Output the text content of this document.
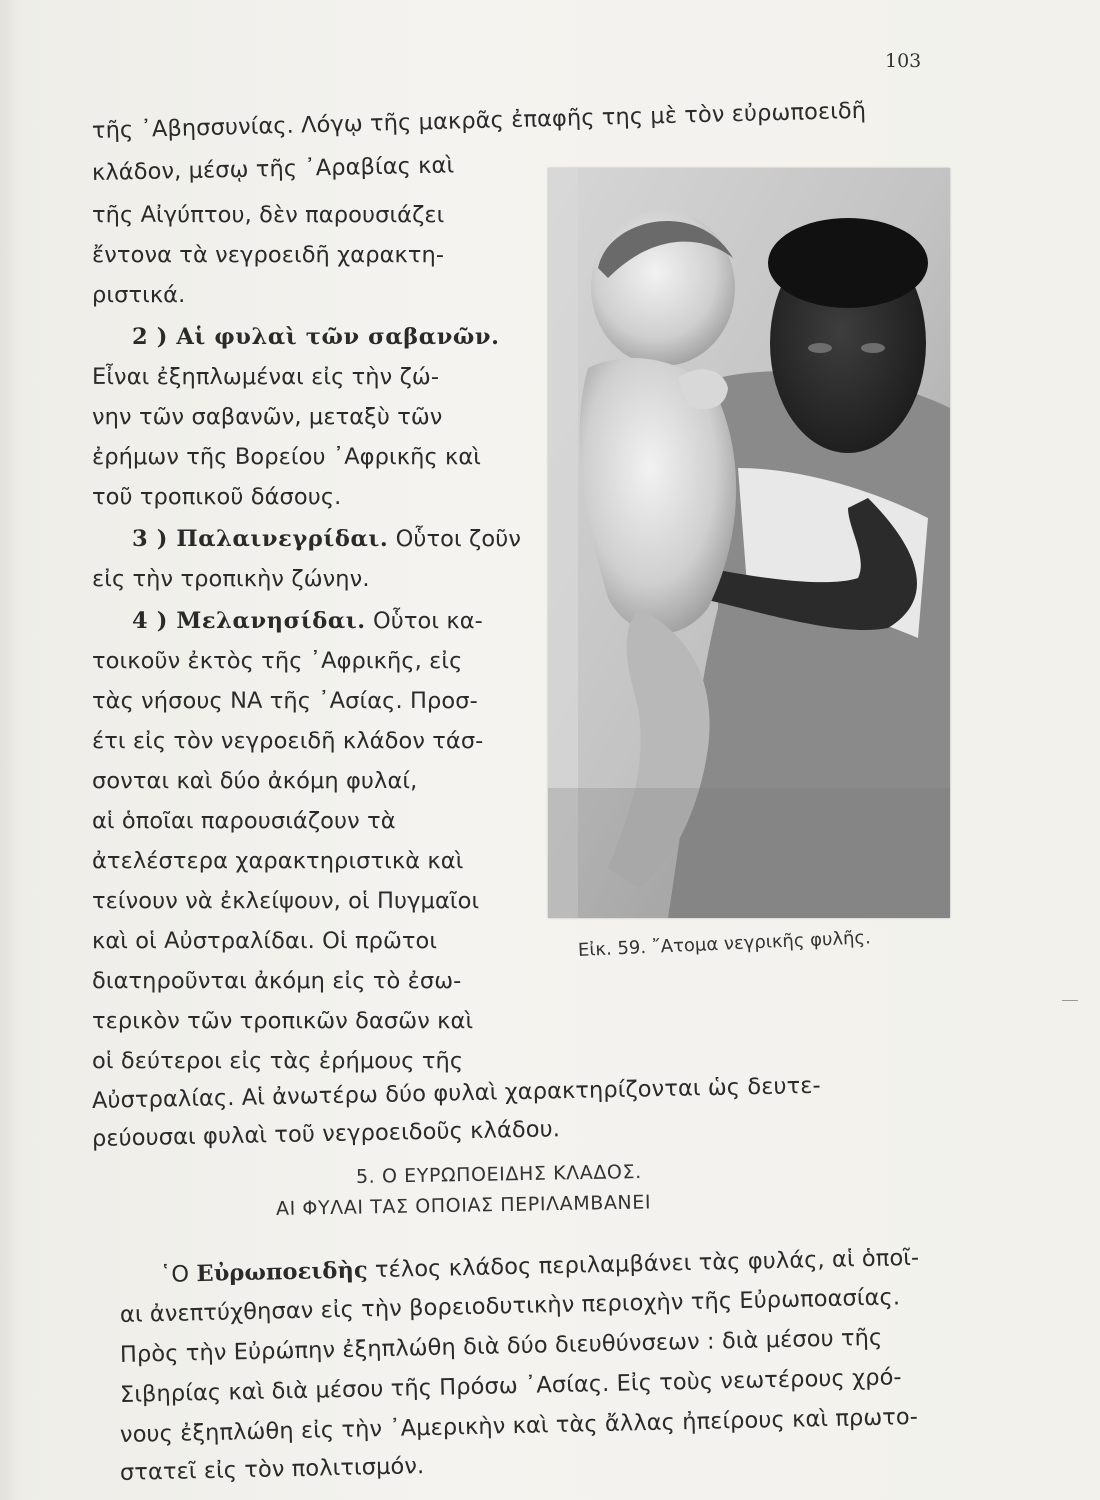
103
τῆς ᾽Αβησσυνίας. Λόγῳ τῆς μακρᾶς ἐπαφῆς της μὲ τὸν εὐρωποειδῆ
κλάδον, μέσῳ τῆς ᾽Αραβίας καὶ
τῆς Αἰγύπτου, δὲν παρουσιάζει
ἔντονα τὰ νεγροειδῆ χαρακτη-
ριστικά.
2 ) Αἱ φυλαὶ τῶν σαβανῶν.
Εἶναι ἐξηπλωμέναι εἰς τὴν ζώ-
νην τῶν σαβανῶν, μεταξὺ τῶν
ἐρήμων τῆς Βορείου ᾽Αφρικῆς καὶ
τοῦ τροπικοῦ δάσους.
3 ) Παλαινεγρίδαι. Οὗτοι ζοῦν
εἰς τὴν τροπικὴν ζώνην.
4 ) Μελανησίδαι. Οὗτοι κα-
τοικοῦν ἐκτὸς τῆς ᾽Αφρικῆς, εἰς
τὰς νήσους ΝΑ τῆς ᾽Ασίας. Προσ-
έτι εἰς τὸν νεγροειδῆ κλάδον τάσ-
σονται καὶ δύο ἀκόμη φυλαί,
αἱ ὁποῖαι παρουσιάζουν τὰ
ἀτελέστερα χαρακτηριστικὰ καὶ
τείνουν νὰ ἐκλείψουν, οἱ Πυγμαῖοι
καὶ οἱ Αὐστραλίδαι. Οἱ πρῶτοι
διατηροῦνται ἀκόμη εἰς τὸ ἐσω-
τερικὸν τῶν τροπικῶν δασῶν καὶ
οἱ δεύτεροι εἰς τὰς ἐρήμους τῆς
Αὐστραλίας. Αἱ ἀνωτέρω δύο φυλαὶ χαρακτηρίζονται ὡς δευτε-
ρεύουσαι φυλαὶ τοῦ νεγροειδοῦς κλάδου.
Εἰκ. 59. ῎Ατομα νεγρικῆς φυλῆς.
5. Ο ΕΥΡΩΠΟΕΙΔΗΣ ΚΛΑΔΟΣ.
ΑΙ ΦΥΛΑΙ ΤΑΣ ΟΠΟΙΑΣ ΠΕΡΙΛΑΜΒΑΝΕΙ
῾Ο Εὐρωποειδὴς τέλος κλάδος περιλαμβάνει τὰς φυλάς, αἱ ὁποῖ-
αι ἀνεπτύχθησαν εἰς τὴν βορειοδυτικὴν περιοχὴν τῆς Εὐρωποασίας.
Πρὸς τὴν Εὐρώπην ἐξηπλώθη διὰ δύο διευθύνσεων : διὰ μέσου τῆς
Σιβηρίας καὶ διὰ μέσου τῆς Πρόσω ᾽Ασίας. Εἰς τοὺς νεωτέρους χρό-
νους ἐξηπλώθη εἰς τὴν ᾽Αμερικὴν καὶ τὰς ἄλλας ἠπείρους καὶ πρωτο-
στατεῖ εἰς τὸν πολιτισμόν.
